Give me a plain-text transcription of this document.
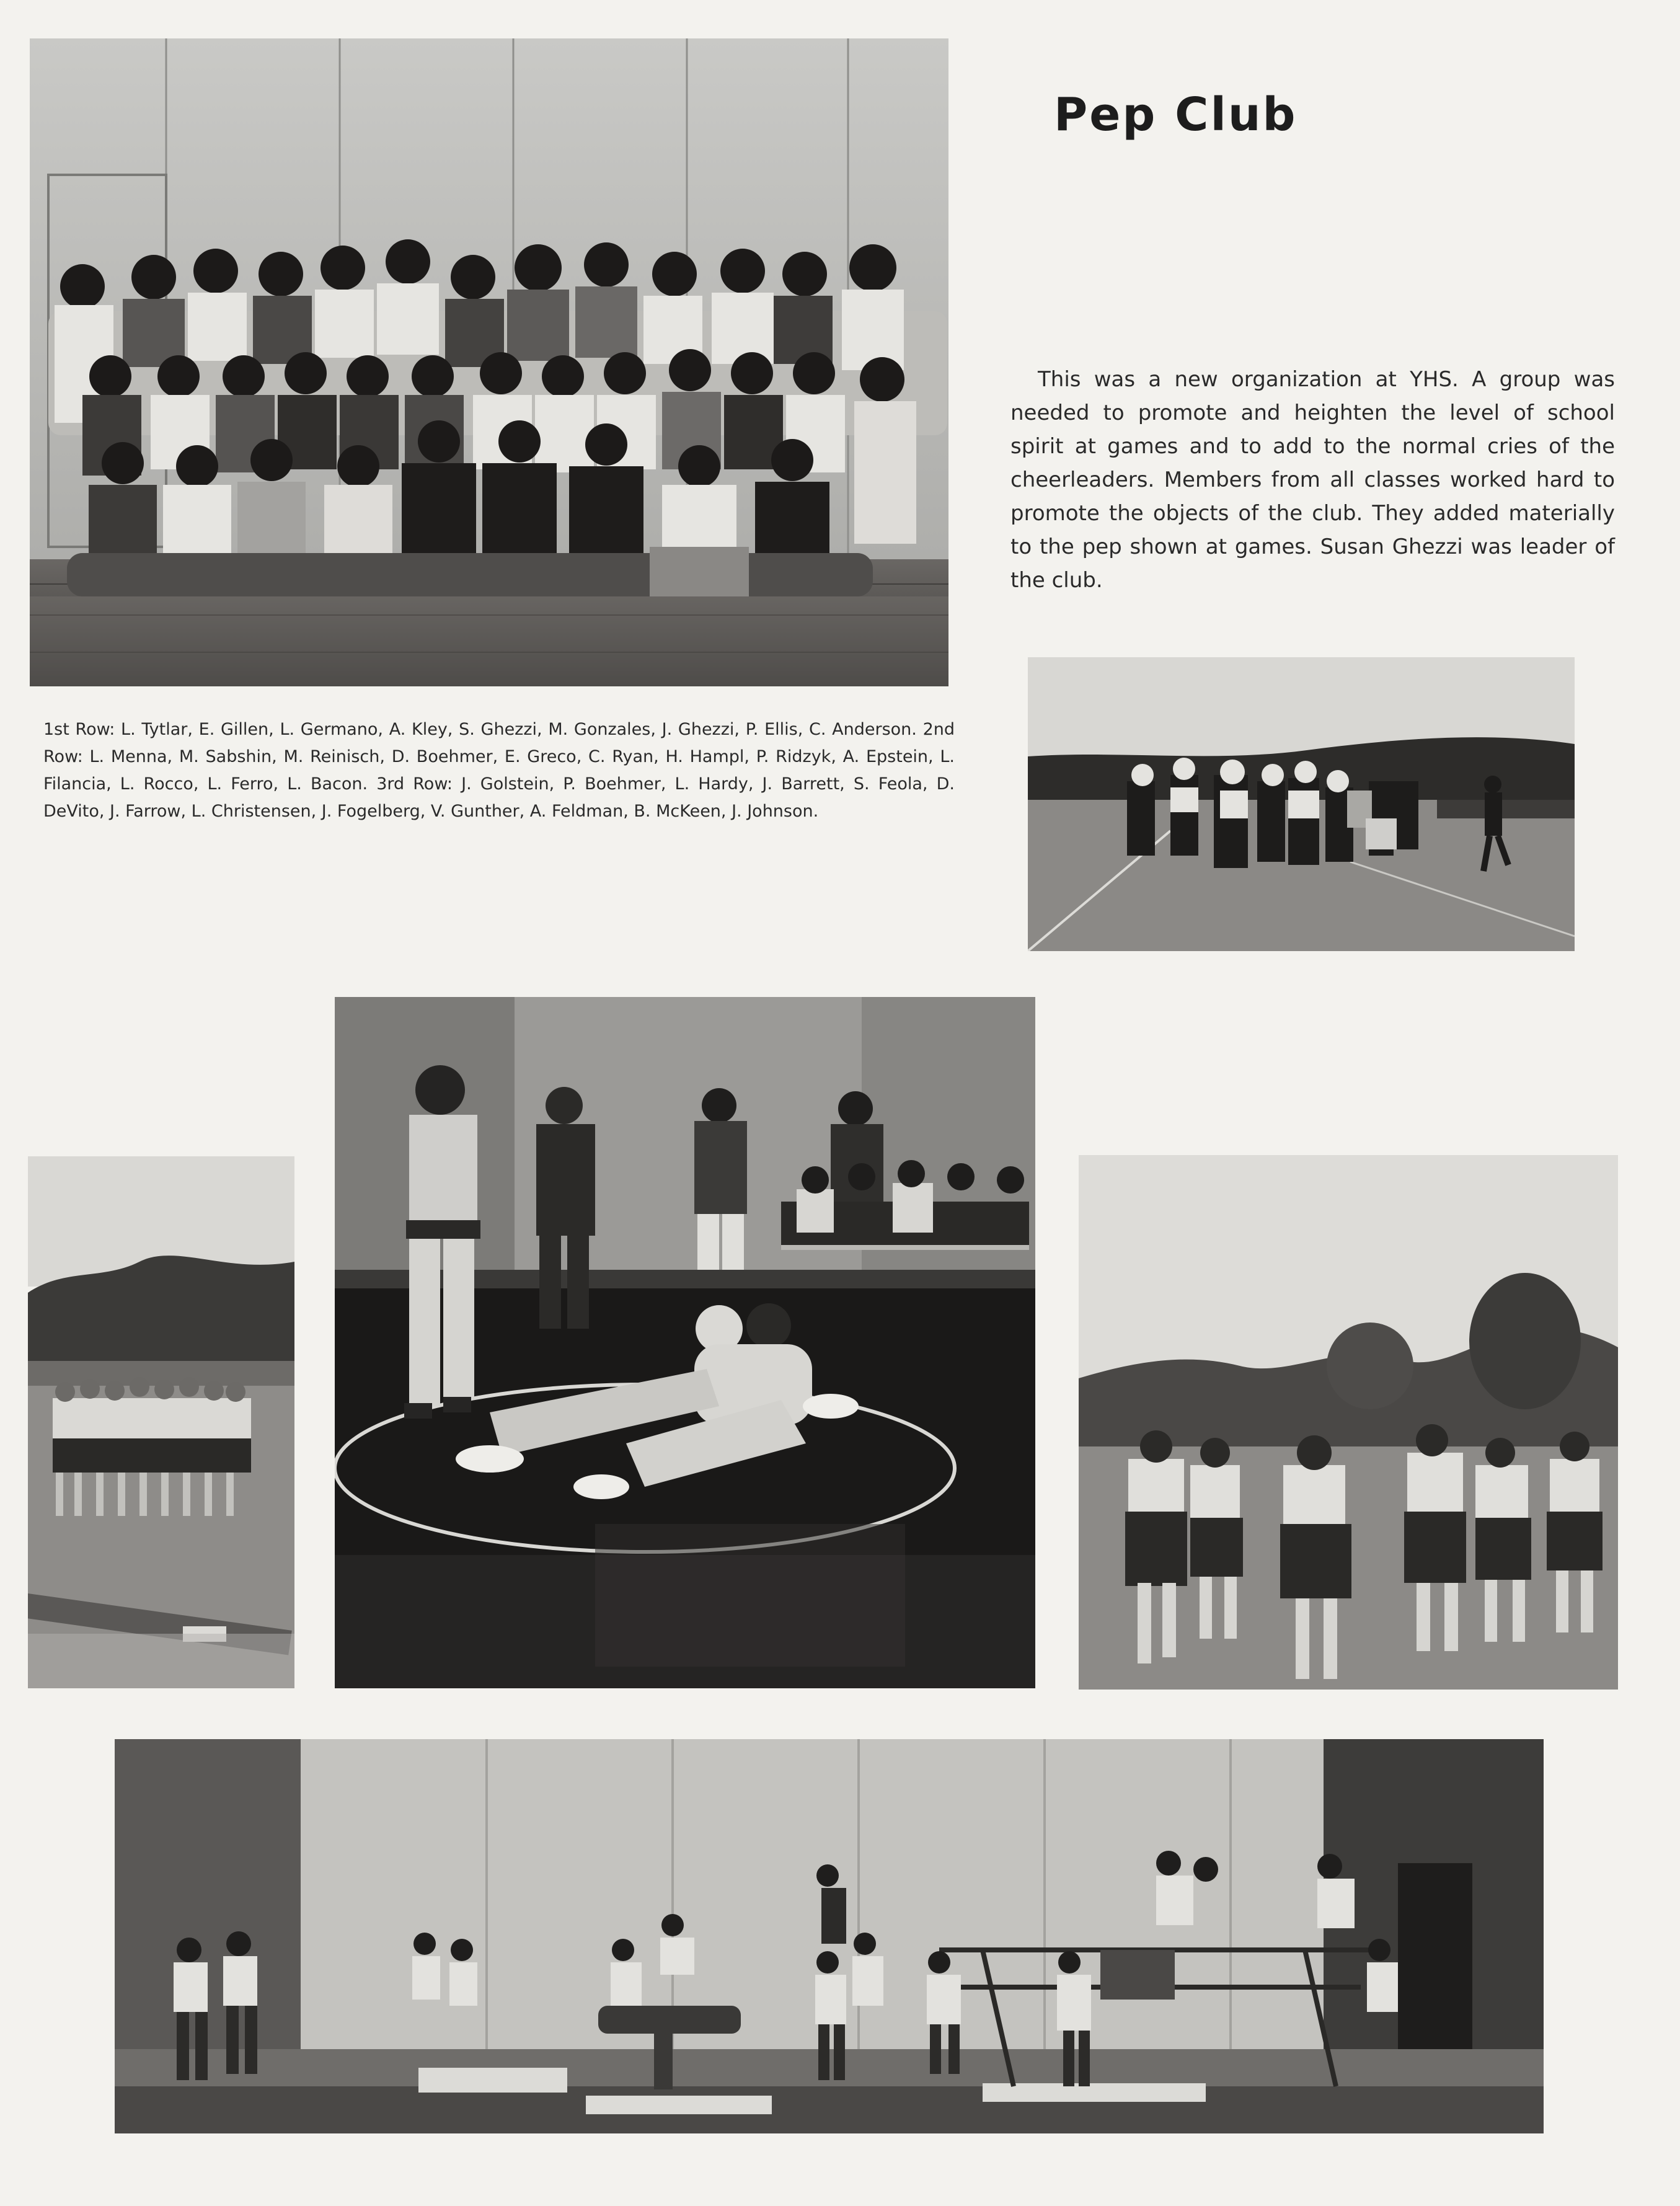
Pep Club

This was a new organization at YHS. A group was needed to promote and heighten the level of school spirit at games and to add to the normal cries of the cheerleaders. Members from all classes worked hard to promote the objects of the club. They added materially to the pep shown at games. Susan Ghezzi was leader of the club.

1st Row: L. Tytlar, E. Gillen, L. Germano, A. Kley, S. Ghezzi, M. Gonzales, J. Ghezzi, P. Ellis, C. Anderson. 2nd Row: L. Menna, M. Sabshin, M. Reinisch, D. Boehmer, E. Greco, C. Ryan, H. Hampl, P. Ridzyk, A. Epstein, L. Filancia, L. Rocco, L. Ferro, L. Bacon. 3rd Row: J. Golstein, P. Boehmer, L. Hardy, J. Barrett, S. Feola, D. DeVito, J. Farrow, L. Christensen, J. Fogelberg, V. Gunther, A. Feldman, B. McKeen, J. Johnson.
